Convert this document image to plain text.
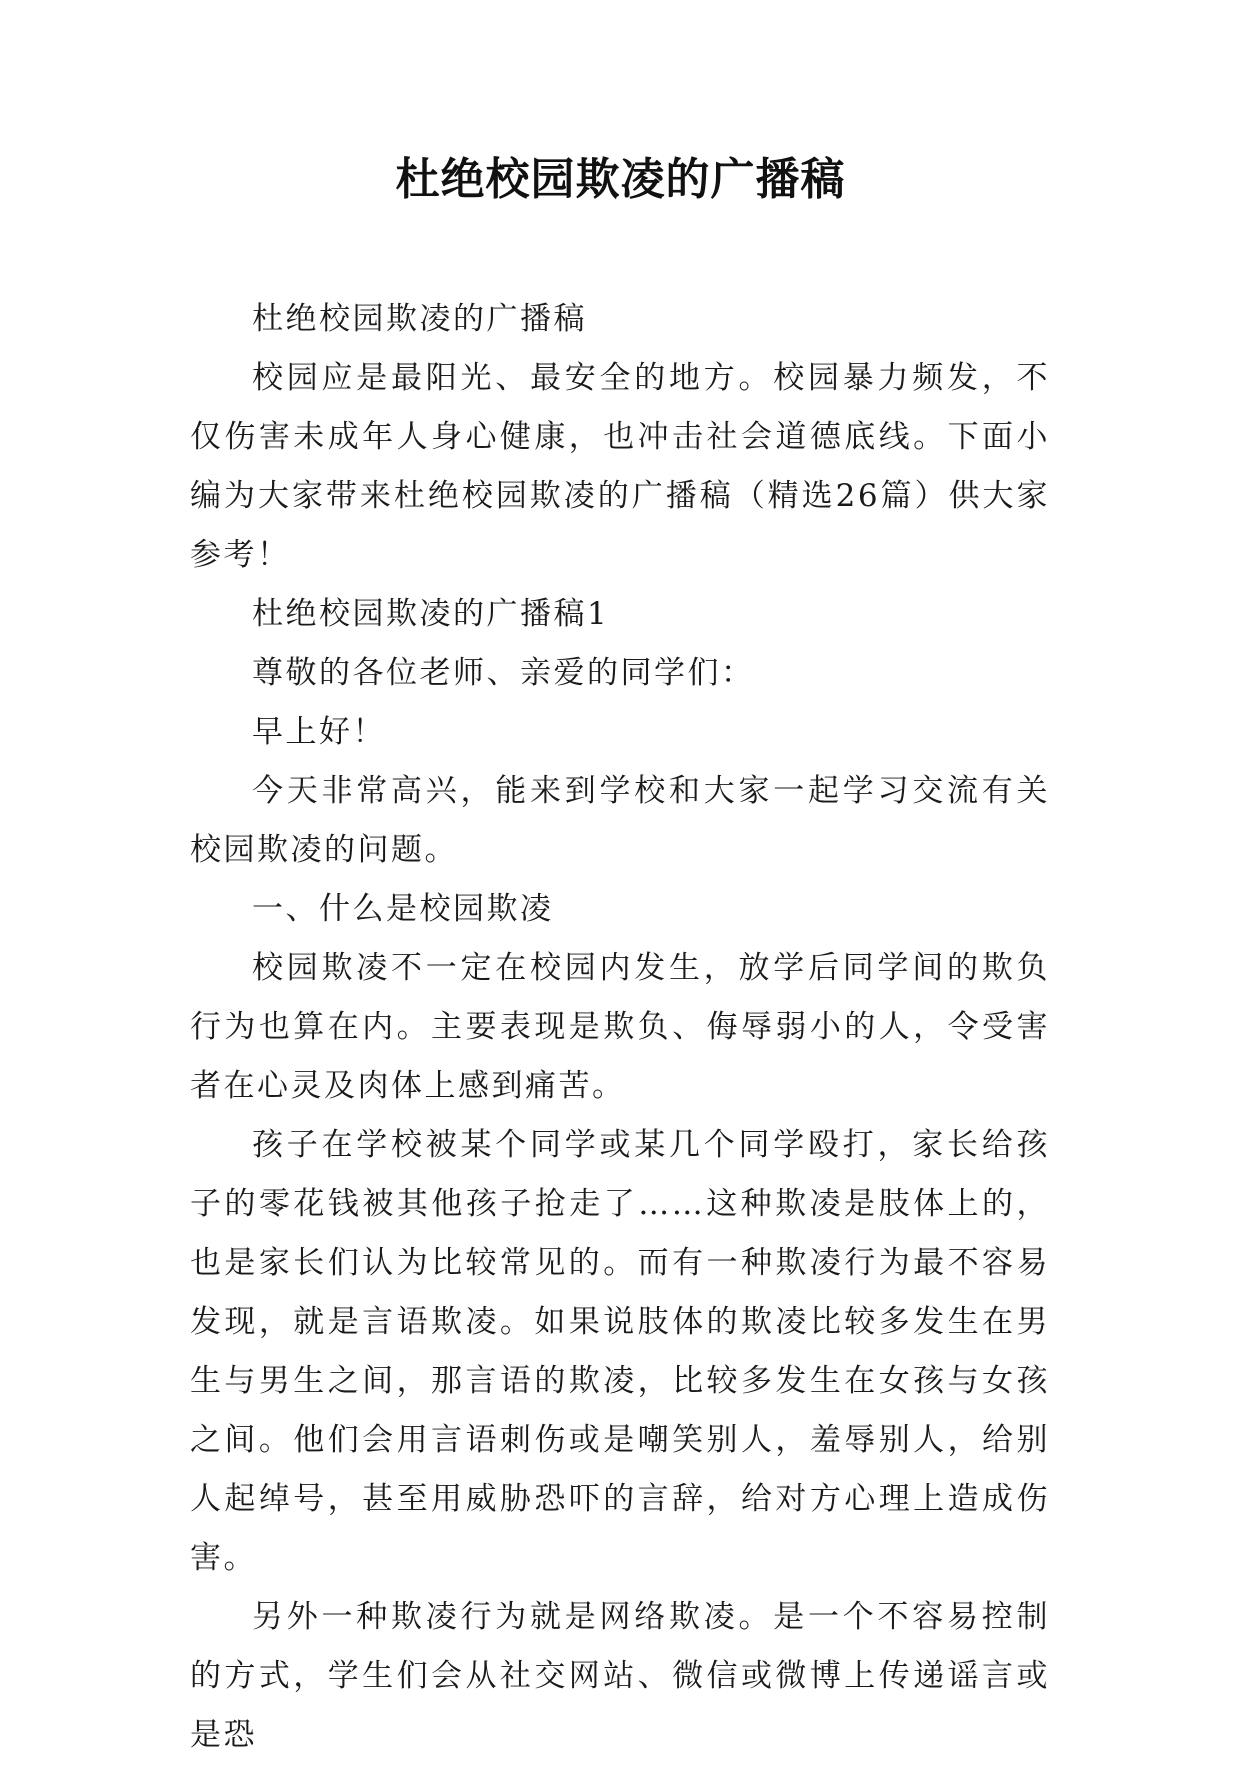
杜绝校园欺凌的广播稿

杜绝校园欺凌的广播稿

校园应是最阳光、最安全的地方。校园暴力频发，不仅伤害未成年人身心健康，也冲击社会道德底线。下面小编为大家带来杜绝校园欺凌的广播稿（精选26篇）供大家参考！

杜绝校园欺凌的广播稿1

尊敬的各位老师、亲爱的同学们：

早上好！

今天非常高兴，能来到学校和大家一起学习交流有关校园欺凌的问题。

一、什么是校园欺凌

校园欺凌不一定在校园内发生，放学后同学间的欺负行为也算在内。主要表现是欺负、侮辱弱小的人，令受害者在心灵及肉体上感到痛苦。

孩子在学校被某个同学或某几个同学殴打，家长给孩子的零花钱被其他孩子抢走了……这种欺凌是肢体上的，也是家长们认为比较常见的。而有一种欺凌行为最不容易发现，就是言语欺凌。如果说肢体的欺凌比较多发生在男生与男生之间，那言语的欺凌，比较多发生在女孩与女孩之间。他们会用言语刺伤或是嘲笑别人，羞辱别人，给别人起绰号，甚至用威胁恐吓的言辞，给对方心理上造成伤害。

另外一种欺凌行为就是网络欺凌。是一个不容易控制的方式，学生们会从社交网站、微信或微博上传递谣言或是恐
